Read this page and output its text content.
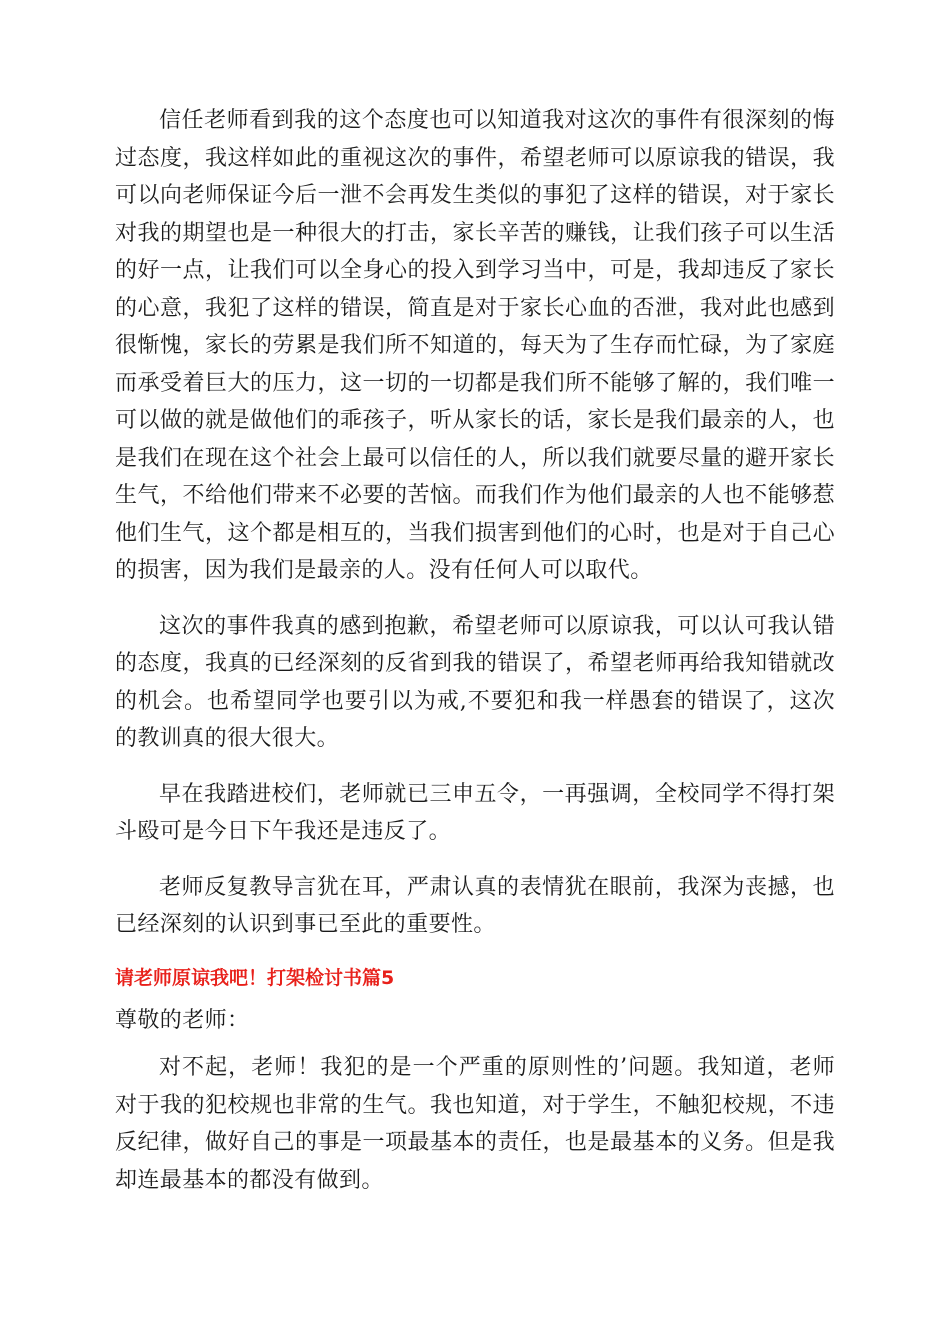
信任老师看到我的这个态度也可以知道我对这次的事件有很深刻的悔过态度，我这样如此的重视这次的事件，希望老师可以原谅我的错误，我可以向老师保证今后一泄不会再发生类似的事犯了这样的错误，对于家长对我的期望也是一种很大的打击，家长辛苦的赚钱，让我们孩子可以生活的好一点，让我们可以全身心的投入到学习当中，可是，我却违反了家长的心意，我犯了这样的错误，简直是对于家长心血的否泄，我对此也感到很惭愧，家长的劳累是我们所不知道的，每天为了生存而忙碌，为了家庭而承受着巨大的压力，这一切的一切都是我们所不能够了解的，我们唯一可以做的就是做他们的乖孩子，听从家长的话，家长是我们最亲的人，也是我们在现在这个社会上最可以信任的人，所以我们就要尽量的避开家长生气，不给他们带来不必要的苦恼。而我们作为他们最亲的人也不能够惹他们生气，这个都是相互的，当我们损害到他们的心时，也是对于自己心的损害，因为我们是最亲的人。没有任何人可以取代。

这次的事件我真的感到抱歉，希望老师可以原谅我，可以认可我认错的态度，我真的已经深刻的反省到我的错误了，希望老师再给我知错就改的机会。也希望同学也要引以为戒,不要犯和我一样愚套的错误了，这次的教训真的很大很大。

早在我踏进校们，老师就已三申五令，一再强调，全校同学不得打架斗殴可是今日下午我还是违反了。

老师反复教导言犹在耳，严肃认真的表情犹在眼前，我深为丧撼，也已经深刻的认识到事已至此的重要性。

请老师原谅我吧！打架检讨书篇5

尊敬的老师：

对不起，老师！我犯的是一个严重的原则性的’问题。我知道，老师对于我的犯校规也非常的生气。我也知道，对于学生，不触犯校规，不违反纪律，做好自己的事是一项最基本的责任，也是最基本的义务。但是我却连最基本的都没有做到。
